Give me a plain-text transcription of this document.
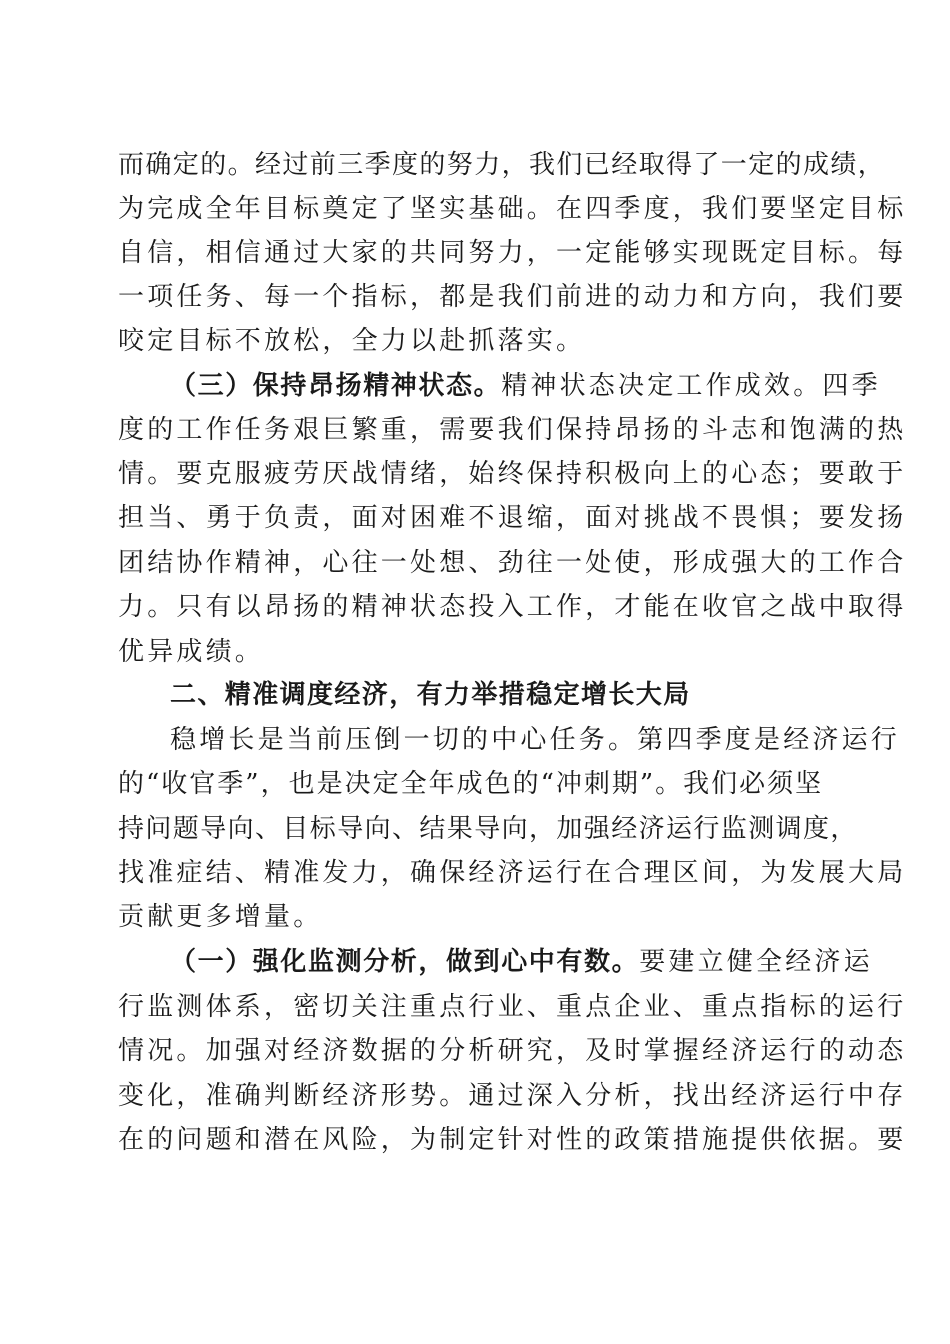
而确定的。经过前三季度的努力，我们已经取得了一定的成绩，

为完成全年目标奠定了坚实基础。在四季度，我们要坚定目标

自信，相信通过大家的共同努力，一定能够实现既定目标。每

一项任务、每一个指标，都是我们前进的动力和方向，我们要

咬定目标不放松，全力以赴抓落实。

（三）保持昂扬精神状态。精神状态决定工作成效。四季

度的工作任务艰巨繁重，需要我们保持昂扬的斗志和饱满的热

情。要克服疲劳厌战情绪，始终保持积极向上的心态；要敢于

担当、勇于负责，面对困难不退缩，面对挑战不畏惧；要发扬

团结协作精神，心往一处想、劲往一处使，形成强大的工作合

力。只有以昂扬的精神状态投入工作，才能在收官之战中取得

优异成绩。

二、精准调度经济，有力举措稳定增长大局

稳增长是当前压倒一切的中心任务。第四季度是经济运行

的“收官季”，也是决定全年成色的“冲刺期”。我们必须坚

持问题导向、目标导向、结果导向，加强经济运行监测调度，

找准症结、精准发力，确保经济运行在合理区间，为发展大局

贡献更多增量。

（一）强化监测分析，做到心中有数。要建立健全经济运

行监测体系，密切关注重点行业、重点企业、重点指标的运行

情况。加强对经济数据的分析研究，及时掌握经济运行的动态

变化，准确判断经济形势。通过深入分析，找出经济运行中存

在的问题和潜在风险，为制定针对性的政策措施提供依据。要
